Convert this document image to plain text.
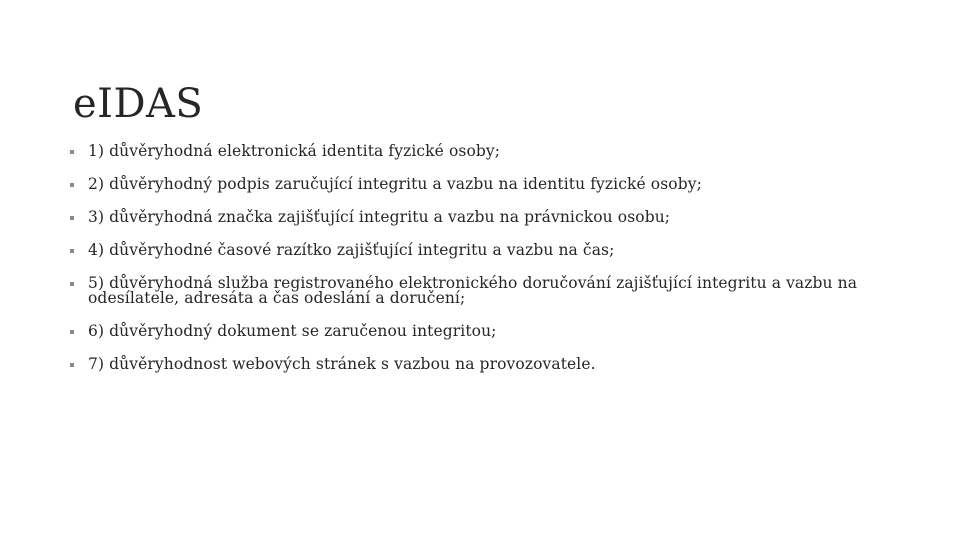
eIDAS
1) důvěryhodná elektronická identita fyzické osoby;
2) důvěryhodný podpis zaručující integritu a vazbu na identitu fyzické osoby;
3) důvěryhodná značka zajišťující integritu a vazbu na právnickou osobu;
4) důvěryhodné časové razítko zajišťující integritu a vazbu na čas;
5) důvěryhodná služba registrovaného elektronického doručování zajišťující integritu a vazbu na odesílatele, adresáta a čas odeslání a doručení;
6) důvěryhodný dokument se zaručenou integritou;
7) důvěryhodnost webových stránek s vazbou na provozovatele.
